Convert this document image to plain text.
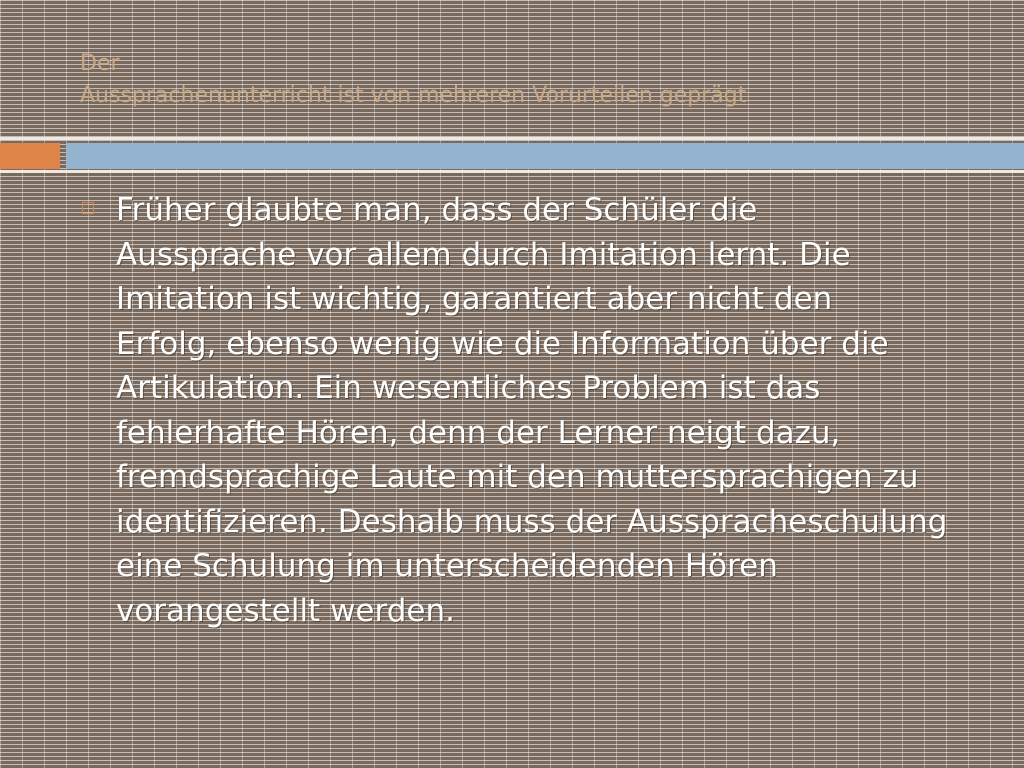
Der
Aussprachenunterricht ist von mehreren Vorurteilen geprägt
Früher glaubte man, dass der Schüler die
Aussprache vor allem durch Imitation lernt. Die
Imitation ist wichtig, garantiert aber nicht den
Erfolg, ebenso wenig wie die Information über die
Artikulation. Ein wesentliches Problem ist das
fehlerhafte Hören, denn der Lerner neigt dazu,
fremdsprachige Laute mit den muttersprachigen zu
identifizieren. Deshalb muss der Ausspracheschulung
eine Schulung im unterscheidenden Hören
vorangestellt werden.
